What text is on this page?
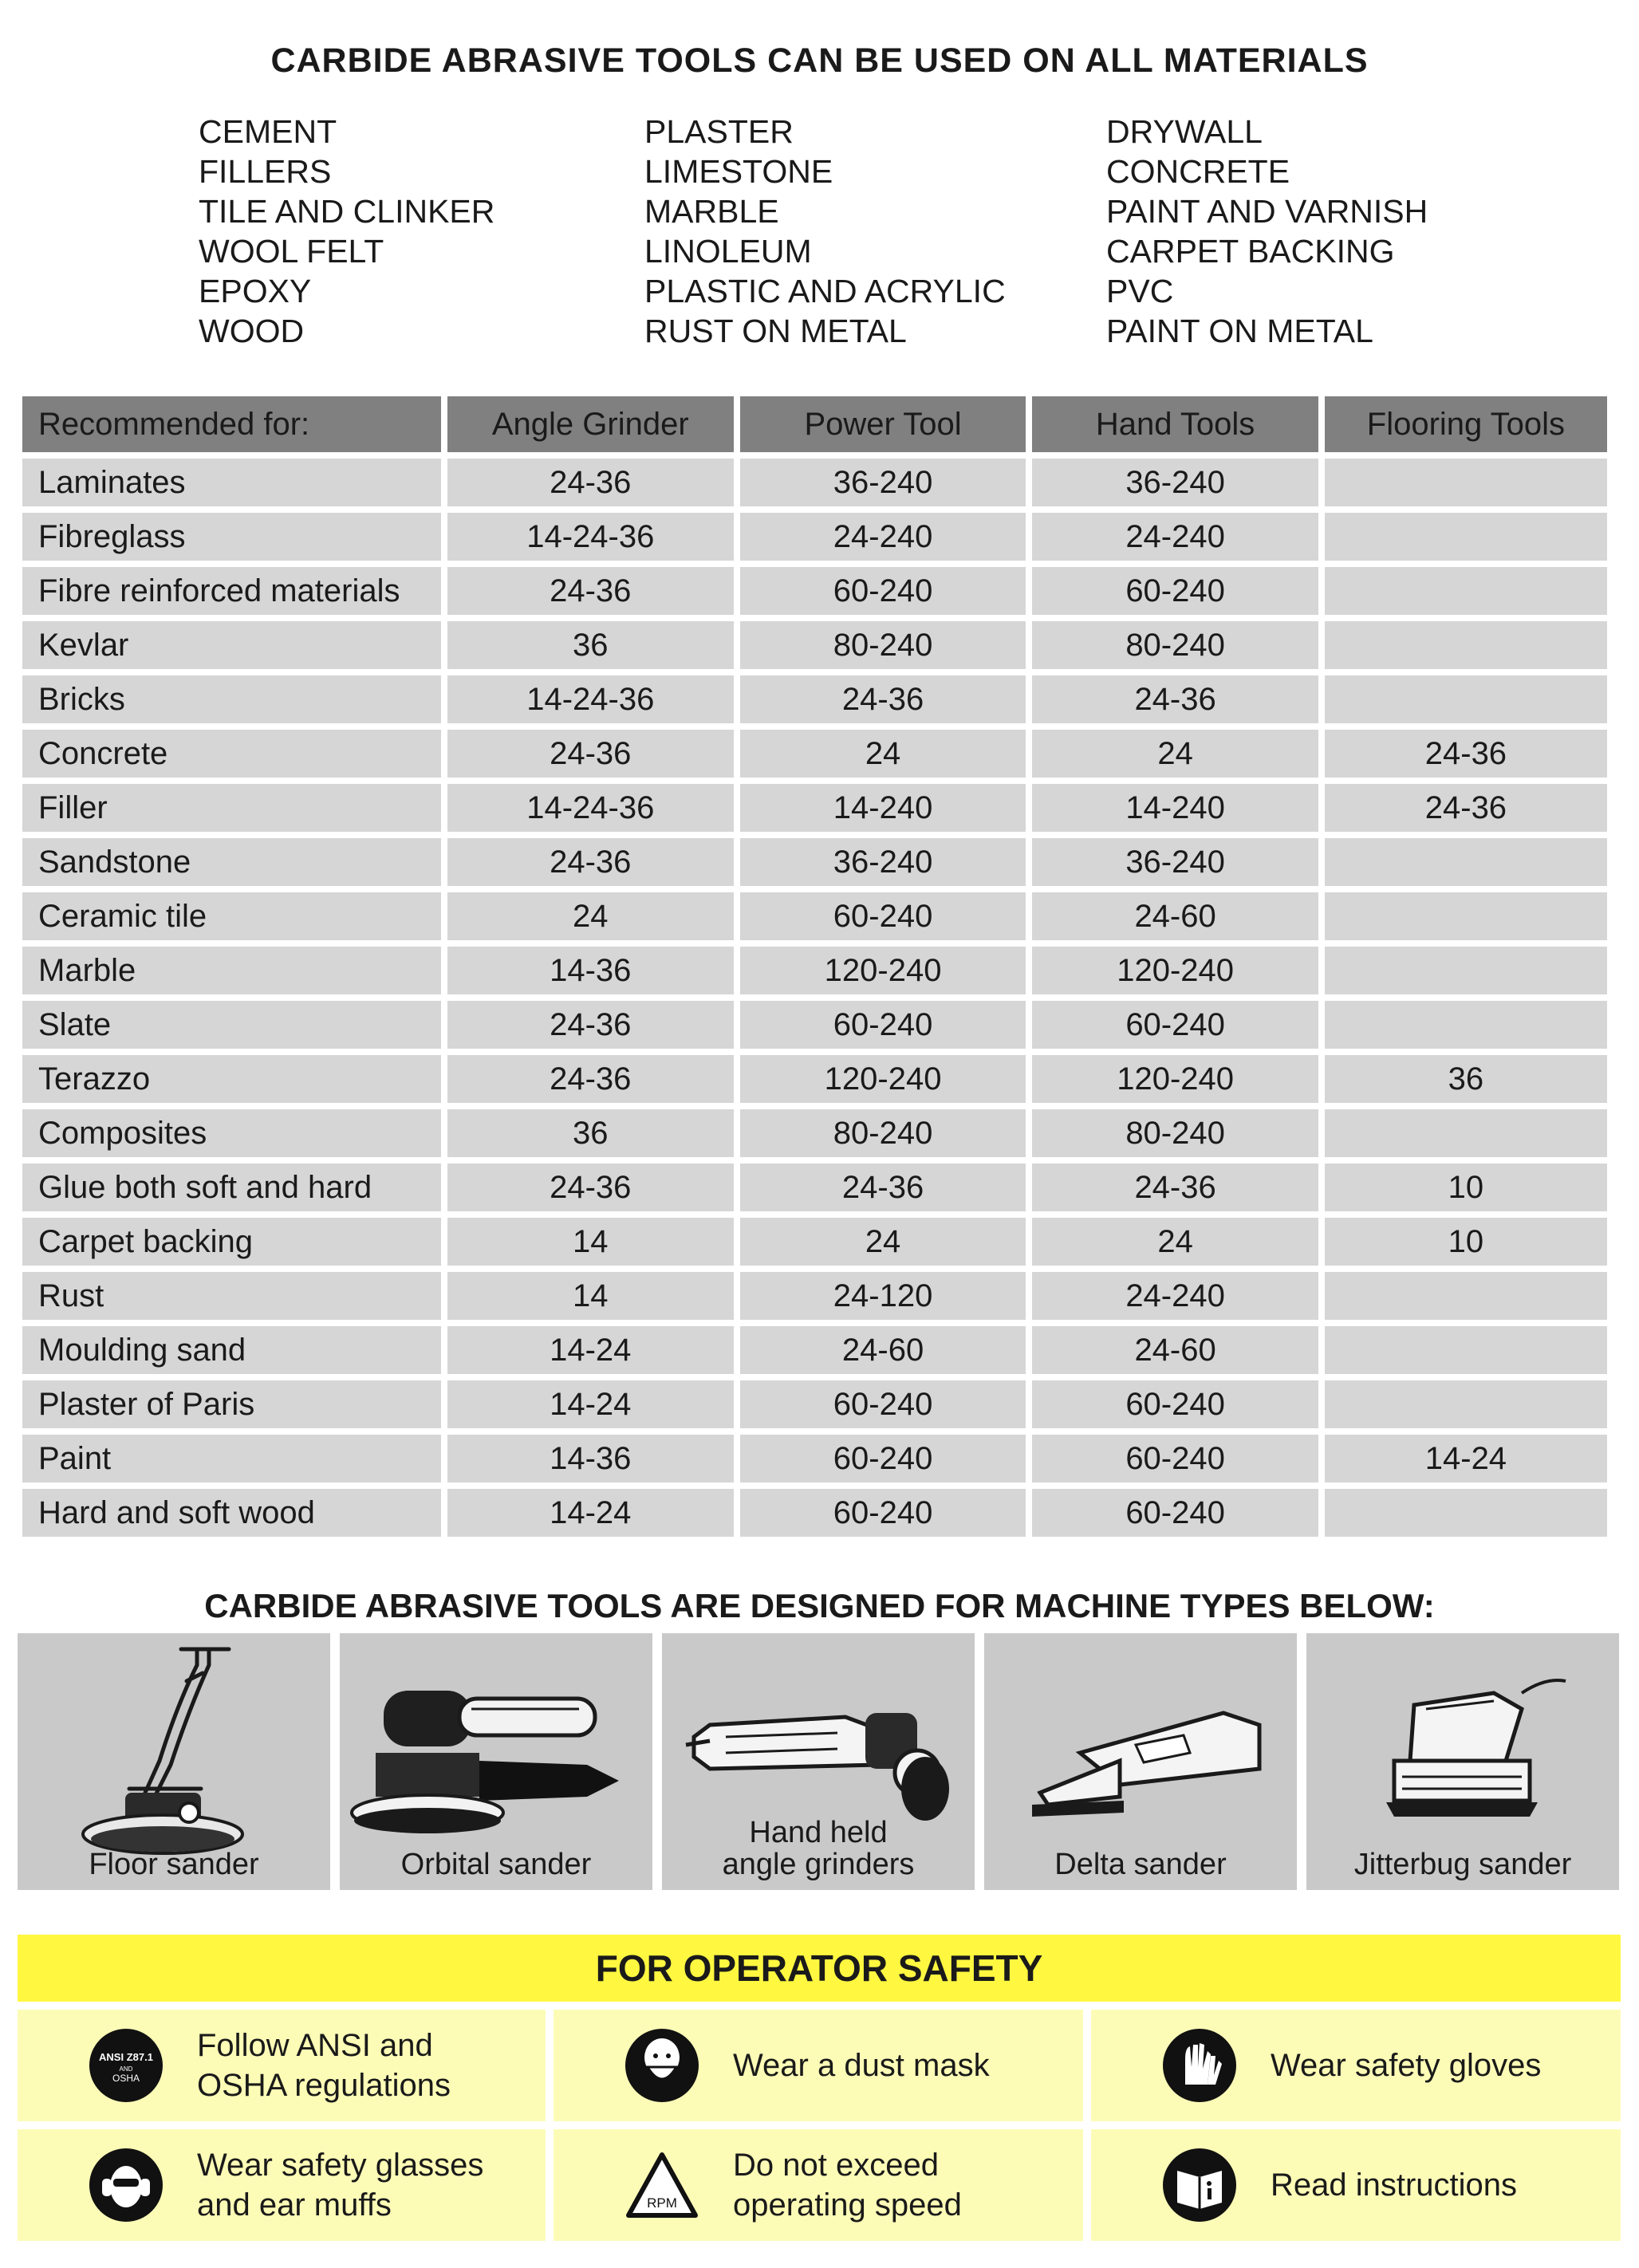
CARBIDE ABRASIVE TOOLS CAN BE USED ON ALL MATERIALS
CEMENT
FILLERS
TILE AND CLINKER
WOOL FELT
EPOXY
WOOD
PLASTER
LIMESTONE
MARBLE
LINOLEUM
PLASTIC AND ACRYLIC
RUST ON METAL
DRYWALL
CONCRETE
PAINT AND VARNISH
CARPET BACKING
PVC
PAINT ON METAL
Recommended for:	Angle Grinder	Power Tool	Hand Tools	Flooring Tools
Laminates	24-36	36-240	36-240	
Fibreglass	14-24-36	24-240	24-240	
Fibre reinforced materials	24-36	60-240	60-240	
Kevlar	36	80-240	80-240	
Bricks	14-24-36	24-36	24-36	
Concrete	24-36	24	24	24-36
Filler	14-24-36	14-240	14-240	24-36
Sandstone	24-36	36-240	36-240	
Ceramic tile	24	60-240	24-60	
Marble	14-36	120-240	120-240	
Slate	24-36	60-240	60-240	
Terazzo	24-36	120-240	120-240	36
Composites	36	80-240	80-240	
Glue both soft and hard	24-36	24-36	24-36	10
Carpet backing	14	24	24	10
Rust	14	24-120	24-240	
Moulding sand	14-24	24-60	24-60	
Plaster of Paris	14-24	60-240	60-240	
Paint	14-36	60-240	60-240	14-24
Hard and soft wood	14-24	60-240	60-240	
CARBIDE ABRASIVE TOOLS ARE DESIGNED FOR MACHINE TYPES BELOW:
Floor sander	Orbital sander
Hand held
angle grinders	Delta sander	Jitterbug sander
FOR OPERATOR SAFETY
ANSI Z87.1
AND
OSHA
Follow ANSI and
OSHA regulations
Wear a dust mask	Wear safety gloves
Wear safety glasses
and ear muffs	RPM
Do not exceed
operating speed
Read instructions
